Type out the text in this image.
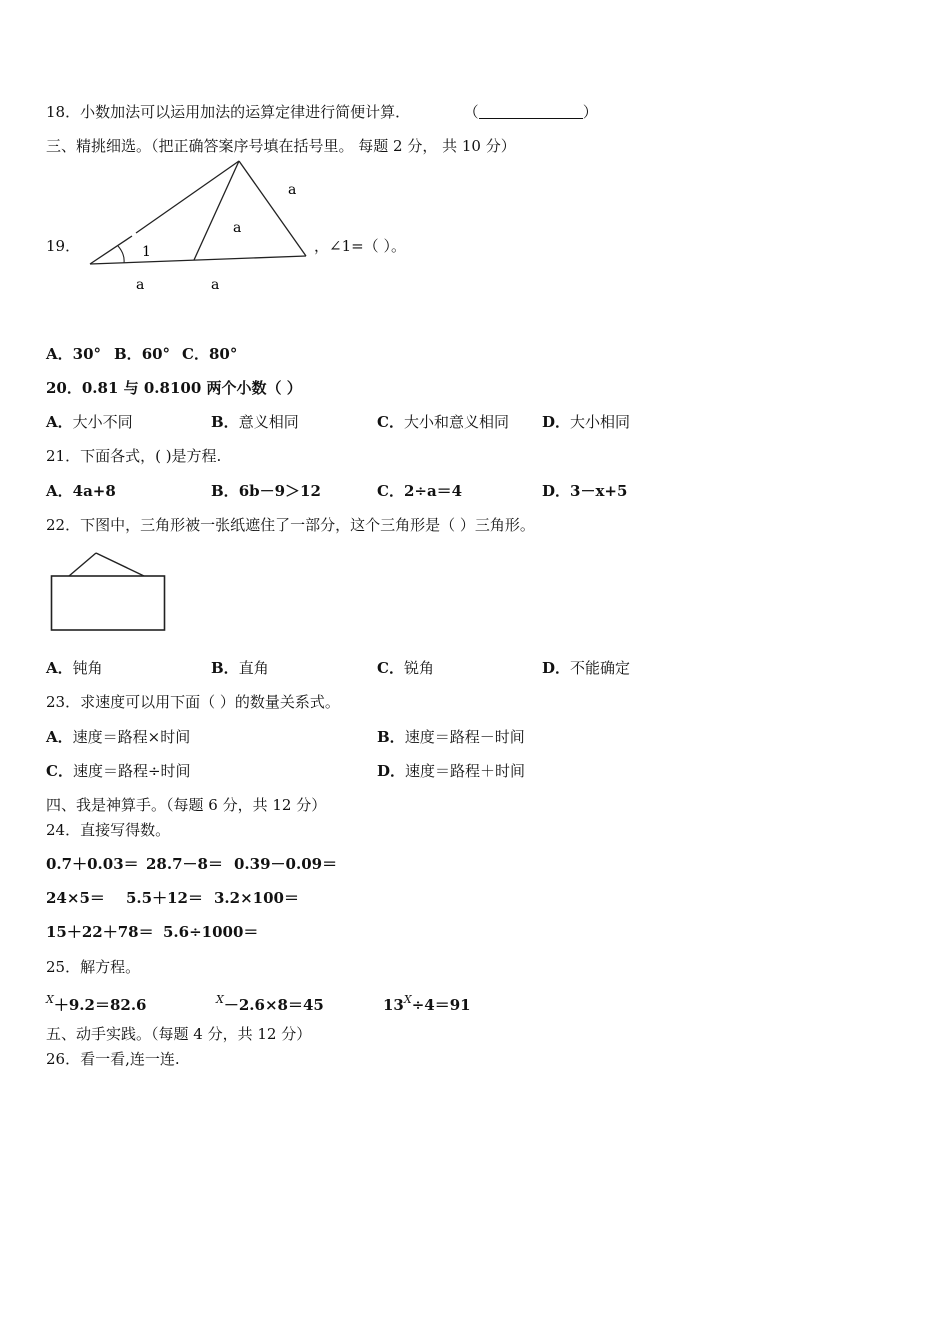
18．小数加法可以运用加法的运算定律进行简便计算．	（	）
三、精挑细选。（把正确答案序号填在括号里。 每题 2 分， 共 10 分）
19．
a
a
1
a	a
，∠1=（ ）。
A．30° B．60° C．80°
20．0.81 与 0.8100 两个小数（ ）
A．大小不同	B．意义相同	C．大小和意义相同 D．大小相同
21．下面各式，( )是方程.
A．4a+8	B．6b－9＞12	C．2÷a＝4	D．3－x+5
22．下图中，三角形被一张纸遮住了一部分，这个三角形是（ ）三角形。
A．钝角	B．直角	C．锐角	D．不能确定
23．求速度可以用下面（ ）的数量关系式。
A．速度＝路程×时间	B．速度＝路程－时间
C．速度＝路程÷时间	D．速度＝路程＋时间
四、我是神算手。（每题 6 分，共 12 分）
24．直接写得数。
0.7＋0.03＝ 28.7－8＝ 0.39－0.09＝
24×5＝ 5.5＋12＝ 3.2×100＝
15＋22＋78＝ 5.6÷1000＝
25．解方程。
$^X$＋9.2＝82.6	$^X$－2.6×8＝45	$13^X\div 4=91$
五、动手实践。（每题 4 分，共 12 分）
26．看一看,连一连.
